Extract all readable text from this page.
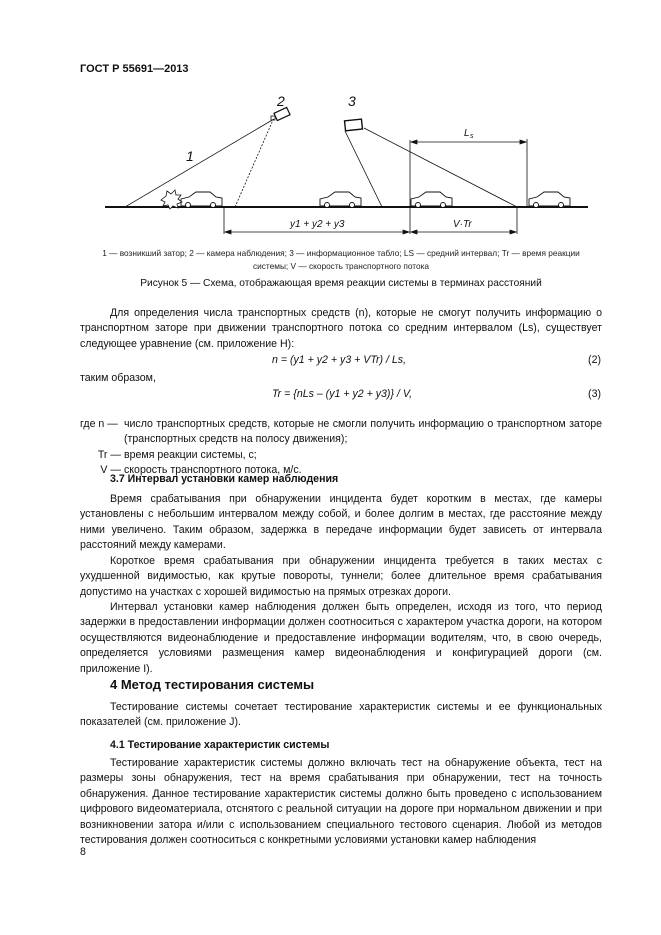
ГОСТ Р 55691—2013
1
2	3
L s
y1 + y2 + y3	V·Tr
1 — возникший затор; 2 — камера наблюдения; 3 — информационное табло; LS — средний интервал; Tr — время реакции
системы; V — скорость транспортного потока
Рисунок 5 — Схема, отображающая время реакции системы в терминах расстояний
Для определения числа транспортных средств (n), которые не смогут получить информацию о транспортном заторе при движении транспортного потока со средним интервалом (Ls), существует следующее уравнение (см. приложение Н):
n = (y1 + y2 + y3 + VTr) / Ls,	(2)
таким образом,
Tr = {nLs – (y1 + y2 + y3)} / V,	(3)
где n — число транспортных средств, которые не смогли получить информацию о транспортном заторе (транспортных средств на полосу движения);
Tr — время реакции системы, с;
V — скорость транспортного потока, м/с.
3.7 Интервал установки камер наблюдения
Время срабатывания при обнаружении инцидента будет коротким в местах, где камеры установлены с небольшим интервалом между собой, и более долгим в местах, где расстояние между ними увеличено. Таким образом, задержка в передаче информации будет зависеть от интервала расстояний между камерами.
Короткое время срабатывания при обнаружении инцидента требуется в таких местах с ухудшенной видимостью, как крутые повороты, туннели; более длительное время срабатывания допустимо на участках с хорошей видимостью на прямых отрезках дороги.
Интервал установки камер наблюдения должен быть определен, исходя из того, что период задержки в предоставлении информации должен соотноситься с характером участка дороги, на котором осуществляются видеонаблюдение и предоставление информации водителям, что, в свою очередь, определяется условиями размещения камер видеонаблюдения и конфигурацией дороги (см. приложение I).
4 Метод тестирования системы
Тестирование системы сочетает тестирование характеристик системы и ее функциональных показателей (см. приложение J).
4.1 Тестирование характеристик системы
Тестирование характеристик системы должно включать тест на обнаружение объекта, тест на размеры зоны обнаружения, тест на время срабатывания при обнаружении, тест на точность обнаружения. Данное тестирование характеристик системы должно быть проведено с использованием цифрового видеоматериала, отснятого с реальной ситуации на дороге при нормальном движении и при возникновении затора и/или с использованием специального тестового сценария. Любой из методов тестирования должен соотноситься с конкретными условиями установки камер наблюдения
8
